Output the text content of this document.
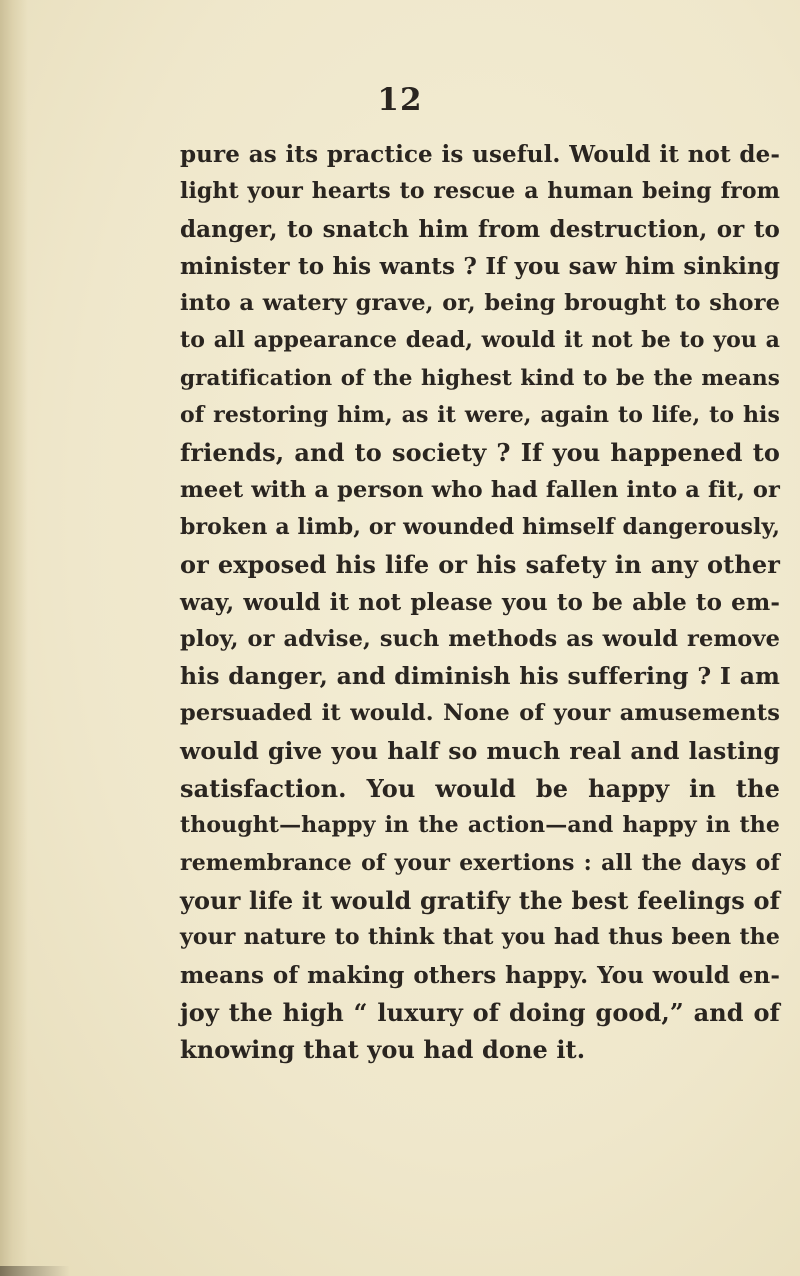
12
pure as its practice is useful. Would it not de-
light your hearts to rescue a human being from
danger, to snatch him from destruction, or to
minister to his wants ? If you saw him sinking
into a watery grave, or, being brought to shore
to all appearance dead, would it not be to you a
gratification of the highest kind to be the means
of restoring him, as it were, again to life, to his
friends, and to society ? If you happened to
meet with a person who had fallen into a fit, or
broken a limb, or wounded himself dangerously,
or exposed his life or his safety in any other
way, would it not please you to be able to em-
ploy, or advise, such methods as would remove
his danger, and diminish his suffering ? I am
persuaded it would. None of your amusements
would give you half so much real and lasting
satisfaction. You would be happy in the
thought—happy in the action—and happy in the
remembrance of your exertions : all the days of
your life it would gratify the best feelings of
your nature to think that you had thus been the
means of making others happy. You would en-
joy the high “ luxury of doing good,” and of
knowing that you had done it.
